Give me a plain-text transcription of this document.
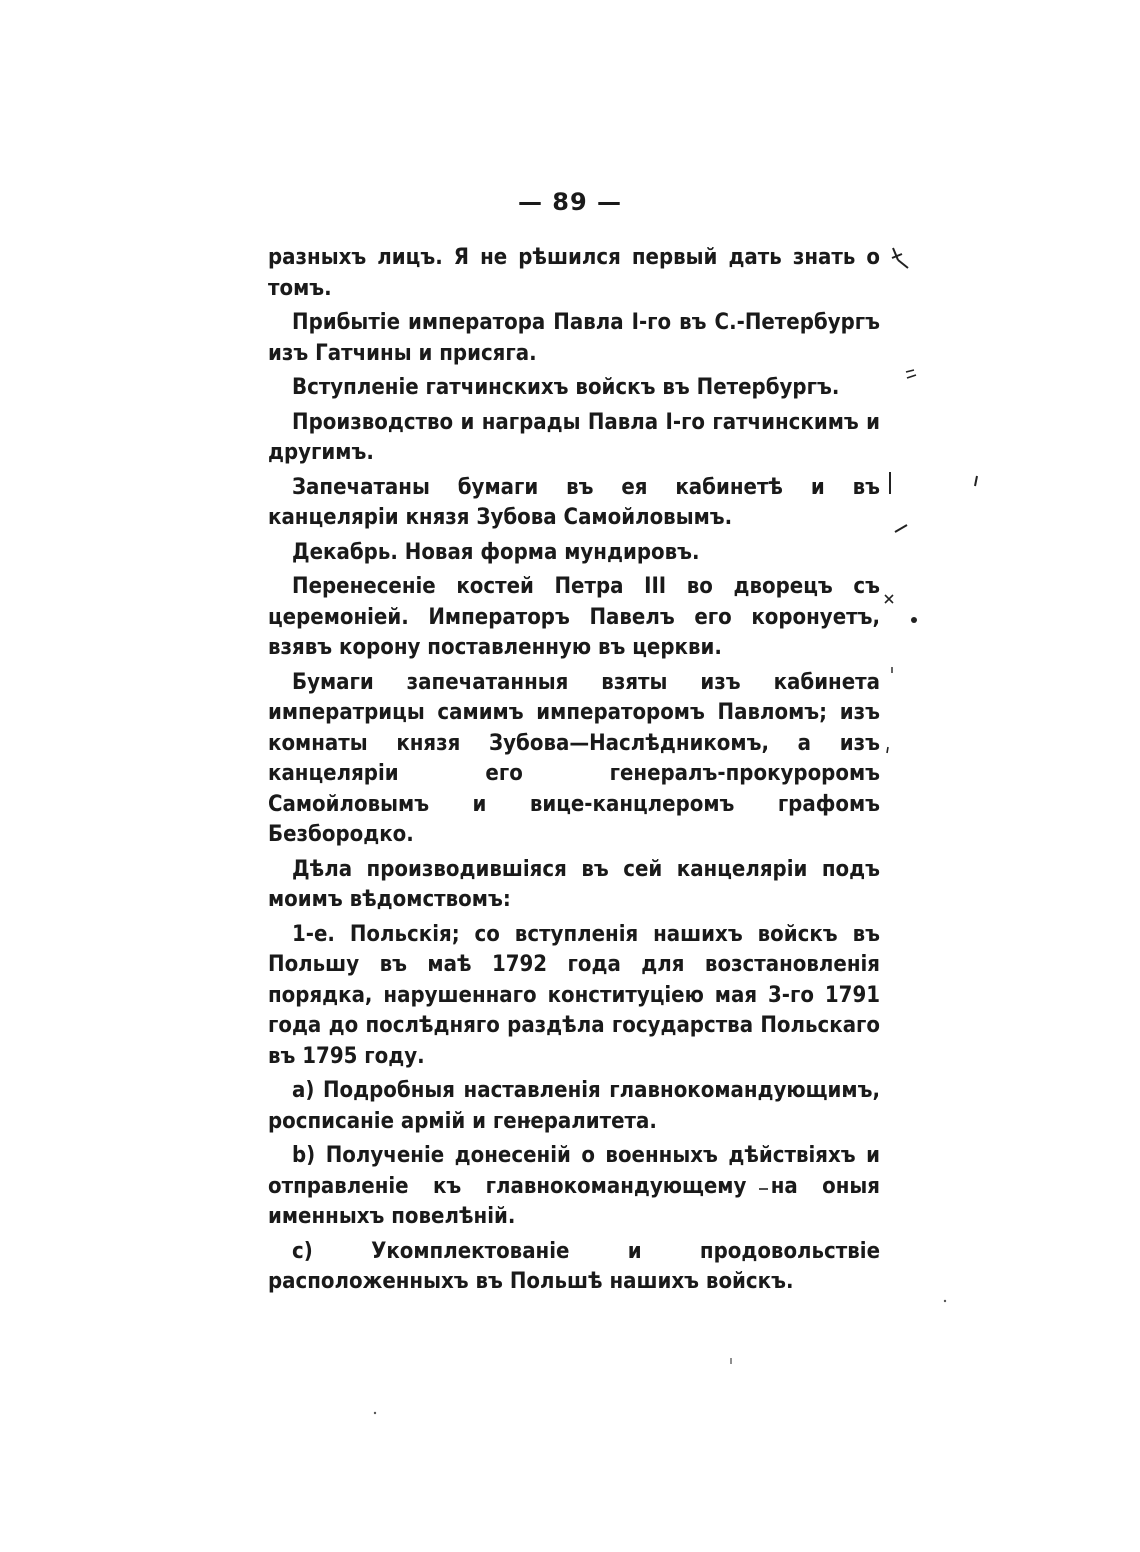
— 89 —

разныхъ лицъ. Я не рѣшился первый дать знать о томъ.

Прибытіе императора Павла I-го въ С.-Петербургъ изъ Гатчины и присяга.

Вступленіе гатчинскихъ войскъ въ Петербургъ.

Производство и награды Павла I-го гатчинскимъ и другимъ.

Запечатаны бумаги въ ея кабинетѣ и въ канцеляріи князя Зубова Самойловымъ.

Декабрь. Новая форма мундировъ.

Перенесеніе костей Петра III во дворецъ съ церемоніей. Императоръ Павелъ его коронуетъ, взявъ корону поставленную въ церкви.

Бумаги запечатанныя взяты изъ кабинета императрицы самимъ императоромъ Павломъ; изъ комнаты князя Зубова—Наслѣдникомъ, а изъ канцеляріи его генералъ-прокуроромъ Самойловымъ и вице-канцлеромъ графомъ Безбородко.

Дѣла производившіяся въ сей канцеляріи подъ моимъ вѣдомствомъ:

1-е. Польскія; со вступленія нашихъ войскъ въ Польшу въ маѣ 1792 года для возстановленія порядка, нарушеннаго конституціею мая 3-го 1791 года до послѣдняго раздѣла государства Польскаго въ 1795 году.

a) Подробныя наставленія главнокомандующимъ, росписаніе армій и генералитета.

b) Полученіе донесеній о военныхъ дѣйствіяхъ и отправленіе къ главнокомандующему на оныя именныхъ повелѣній.

c) Укомплектованіе и продовольствіе расположенныхъ въ Польшѣ нашихъ войскъ.
